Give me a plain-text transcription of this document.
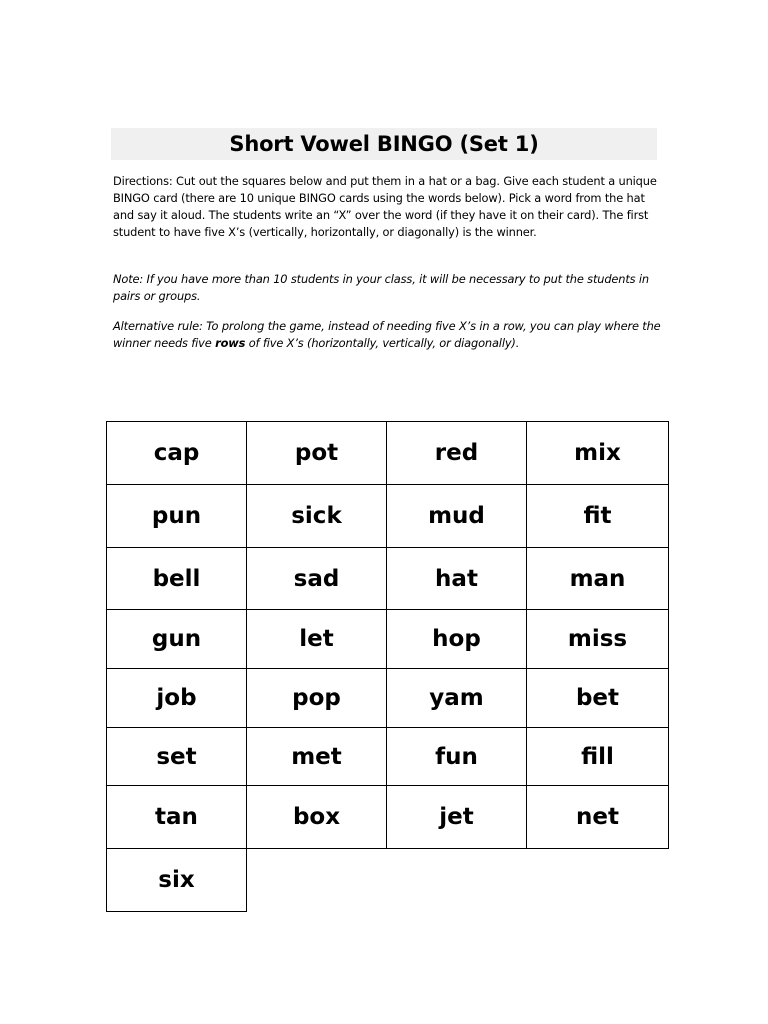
Short Vowel BINGO (Set 1)

Directions: Cut out the squares below and put them in a hat or a bag. Give each student a unique BINGO card (there are 10 unique BINGO cards using the words below). Pick a word from the hat and say it aloud. The students write an “X” over the word (if they have it on their card). The first student to have five X’s (vertically, horizontally, or diagonally) is the winner.

Note: If you have more than 10 students in your class, it will be necessary to put the students in pairs or groups.

Alternative rule: To prolong the game, instead of needing five X’s in a row, you can play where the winner needs five rows of five X’s (horizontally, vertically, or diagonally).

cap	pot	red	mix
pun	sick	mud	fit
bell	sad	hat	man
gun	let	hop	miss
job	pop	yam	bet
set	met	fun	fill
tan	box	jet	net
six
